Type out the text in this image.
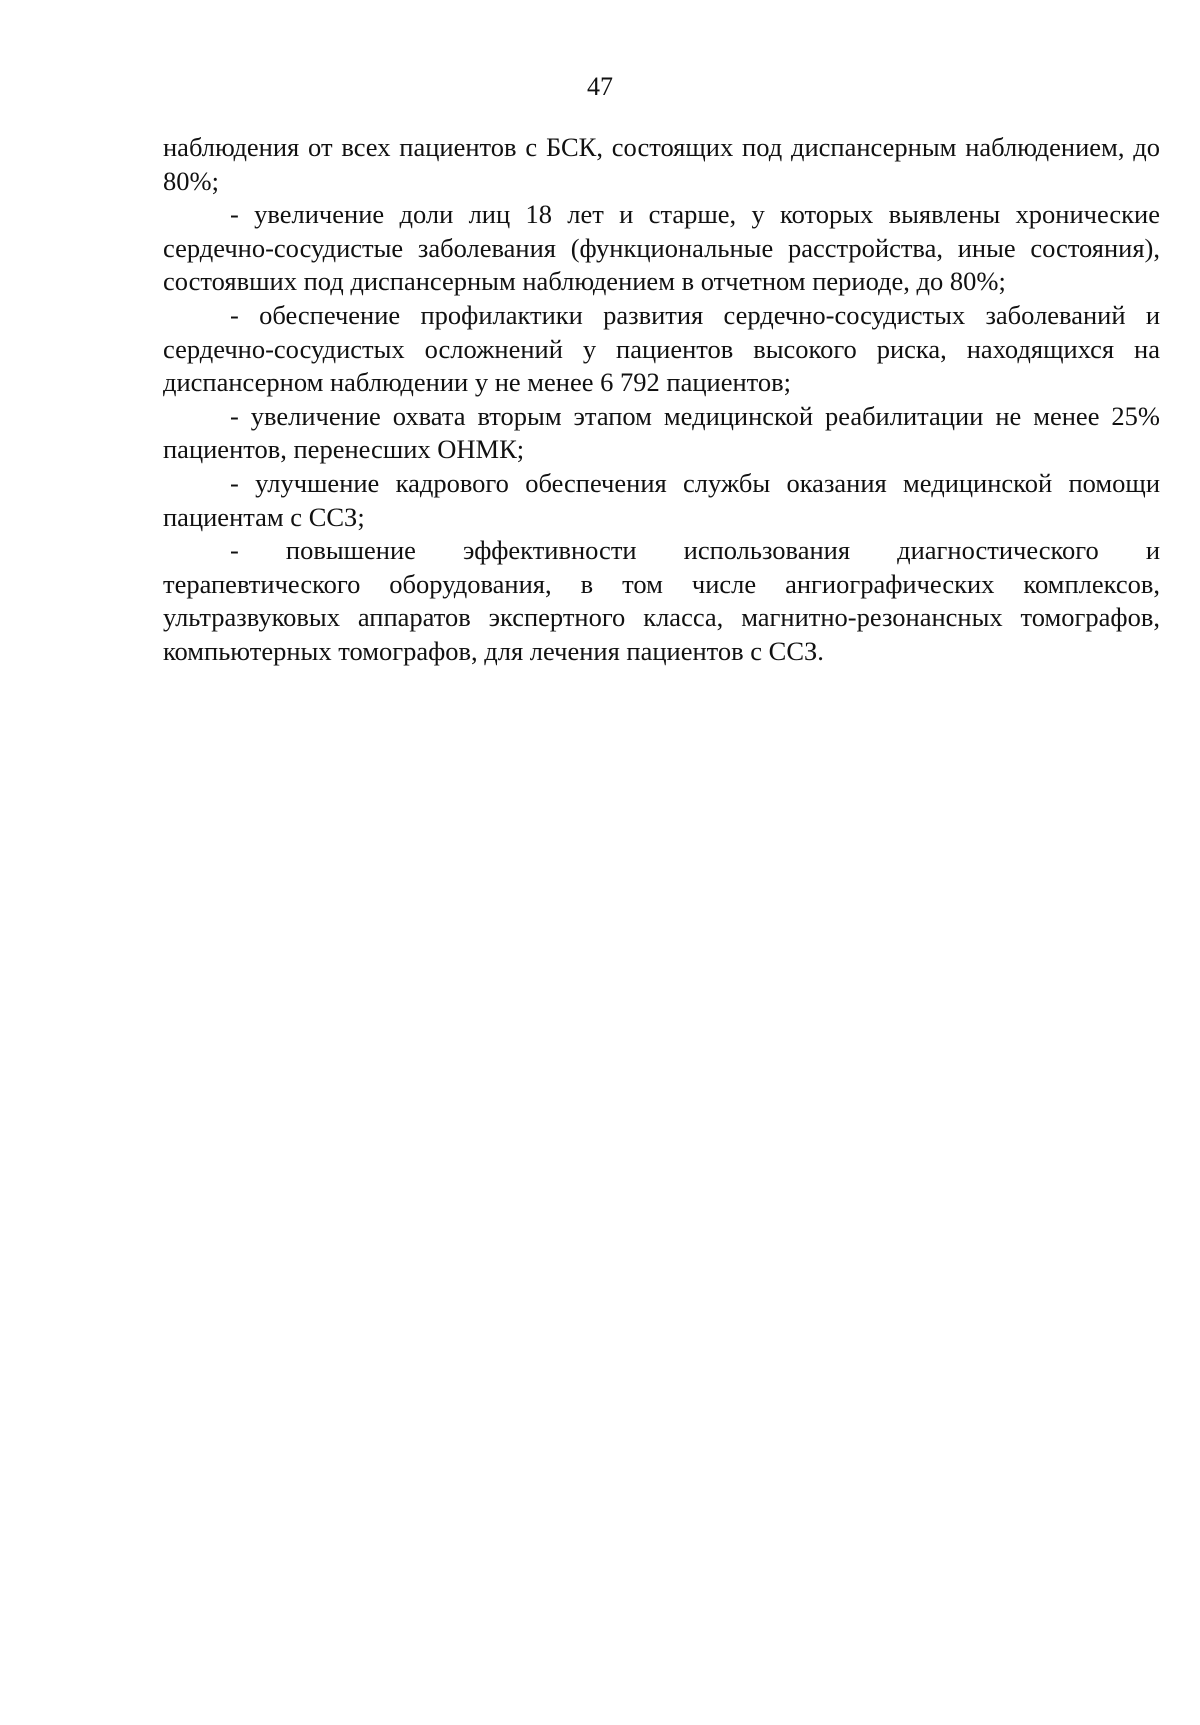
47

наблюдения от всех пациентов с БСК, состоящих под диспансерным наблюдением, до 80%;

- увеличение доли лиц 18 лет и старше, у которых выявлены хронические сердечно-сосудистые заболевания (функциональные расстройства, иные состояния), состоявших под диспансерным наблюдением в отчетном периоде, до 80%;

- обеспечение профилактики развития сердечно-сосудистых заболеваний и сердечно-сосудистых осложнений у пациентов высокого риска, находящихся на диспансерном наблюдении у не менее 6 792 пациентов;

- увеличение охвата вторым этапом медицинской реабилитации не менее 25% пациентов, перенесших ОНМК;

- улучшение кадрового обеспечения службы оказания медицинской помощи пациентам с ССЗ;

- повышение эффективности использования диагностического и терапевтического оборудования, в том числе ангиографических комплексов, ультразвуковых аппаратов экспертного класса, магнитно-резонансных томографов, компьютерных томографов, для лечения пациентов с ССЗ.
